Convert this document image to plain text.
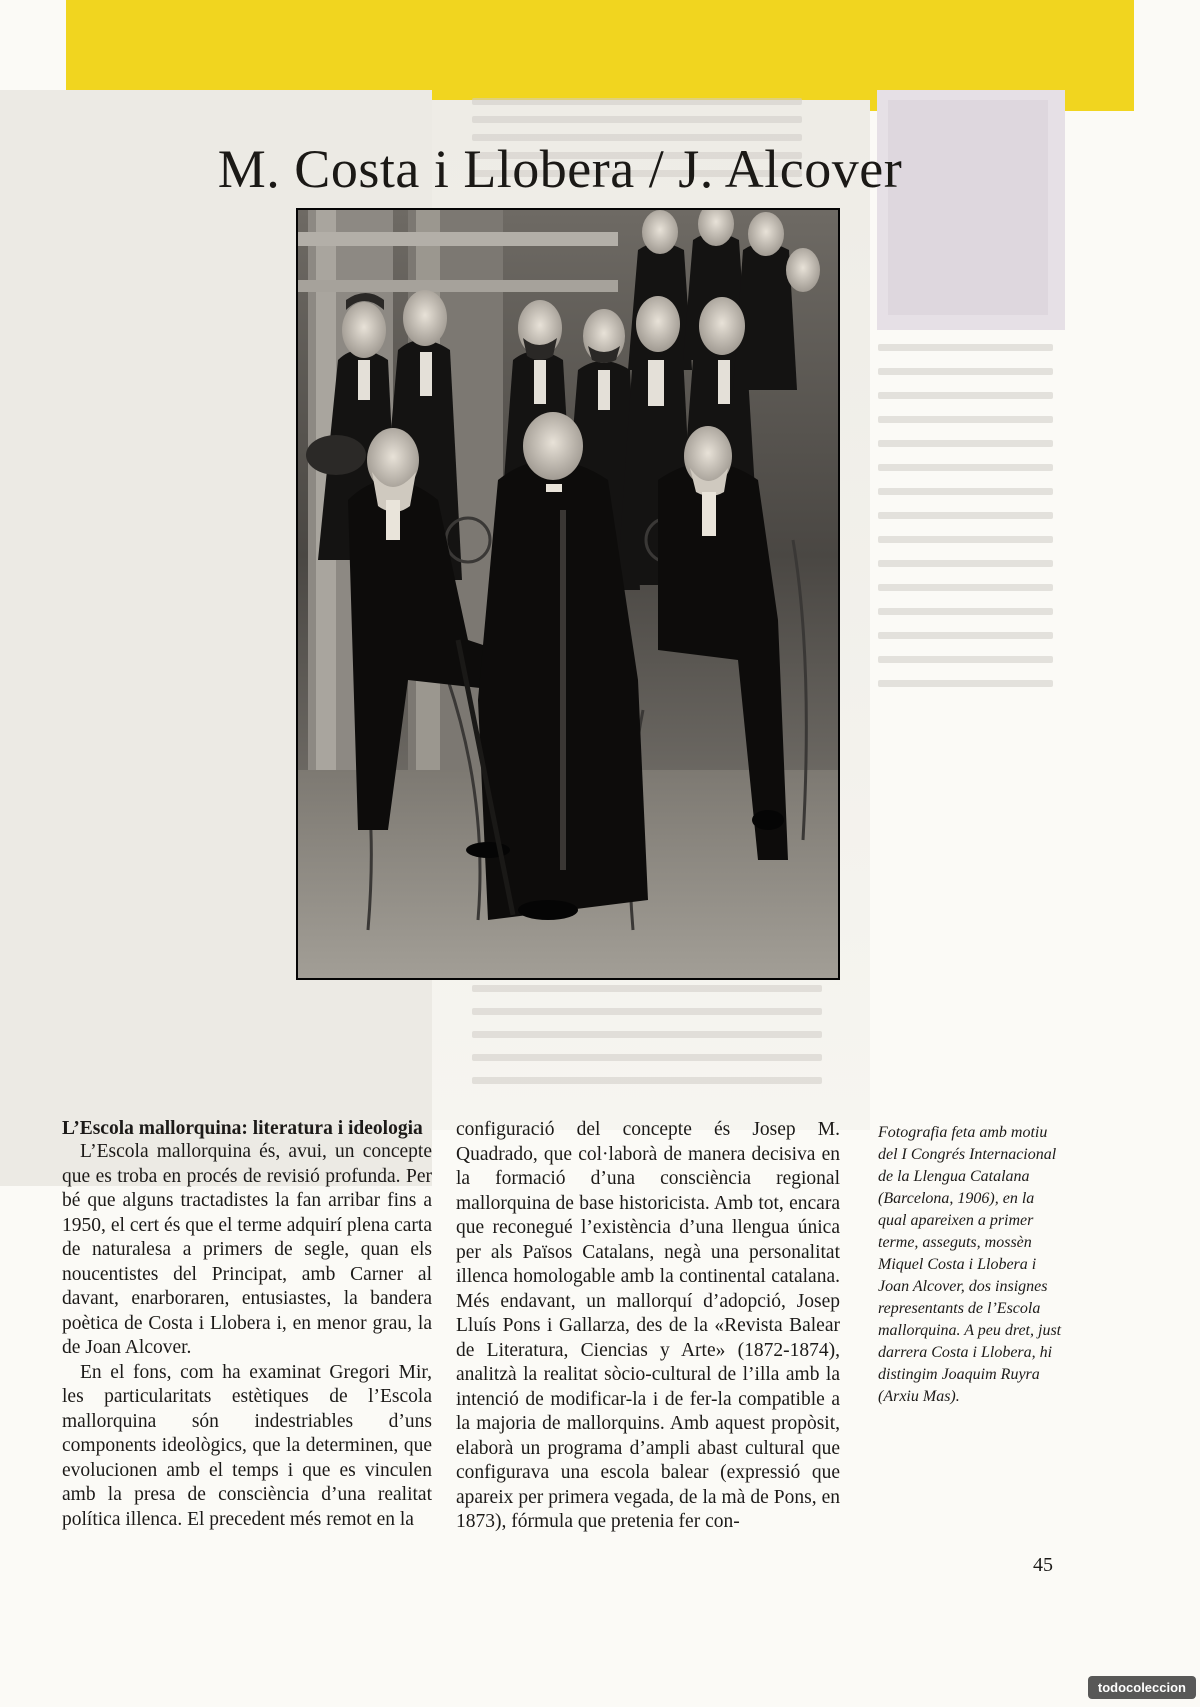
M. Costa i Llobera / J. Alcover
L’Escola mallorquina: literatura i ideologia

L’Escola mallorquina és, avui, un concepte que es troba en procés de revisió profunda. Per bé que alguns tractadistes la fan arribar fins a 1950, el cert és que el terme adquirí plena carta de naturalesa a primers de segle, quan els noucentistes del Principat, amb Carner al davant, enarboraren, entusiastes, la bandera poètica de Costa i Llobera i, en menor grau, la de Joan Alcover.

En el fons, com ha examinat Gregori Mir, les particularitats estètiques de l’Escola mallorquina són indestriables d’uns components ideològics, que la determinen, que evolucionen amb el temps i que es vinculen amb la presa de consciència d’una realitat política illenca. El precedent més remot en la

configuració del concepte és Josep M. Quadrado, que col·laborà de manera decisiva en la formació d’una consciència regional mallorquina de base historicista. Amb tot, encara que reconegué l’existència d’una llengua única per als Països Catalans, negà una personalitat illenca homologable amb la continental catalana. Més endavant, un mallorquí d’adopció, Josep Lluís Pons i Gallarza, des de la «Revista Balear de Literatura, Ciencias y Arte» (1872-1874), analitzà la realitat sòcio-cultural de l’illa amb la intenció de modificar-la i de fer-la compatible a la majoria de mallorquins. Amb aquest propòsit, elaborà un programa d’ampli abast cultural que configurava una escola balear (expressió que apareix per primera vegada, de la mà de Pons, en 1873), fórmula que pretenia fer con-

Fotografia feta amb motiu del I Congrés Internacional de la Llengua Catalana (Barcelona, 1906), en la qual apareixen a primer terme, asseguts, mossèn Miquel Costa i Llobera i Joan Alcover, dos insignes representants de l’Escola mallorquina. A peu dret, just darrera Costa i Llobera, hi distingim Joaquim Ruyra (Arxiu Mas).
45
todocoleccion
